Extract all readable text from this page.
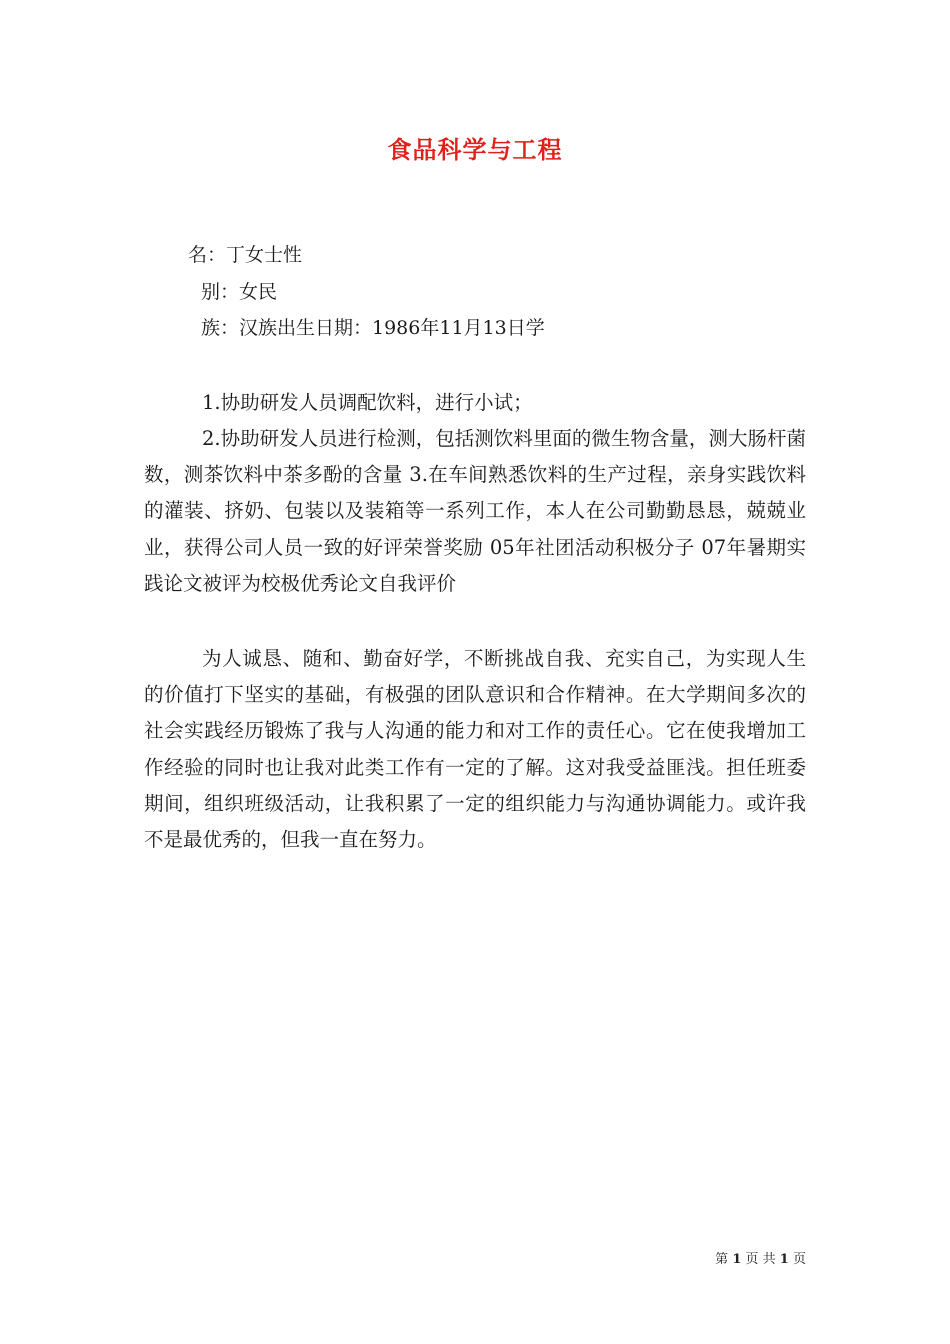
食品科学与工程
名：丁女士性
别：女民
族：汉族出生日期：1986年11月13日学

1.协助研发人员调配饮料，进行小试；

2.协助研发人员进行检测，包括测饮料里面的微生物含量，测大肠杆菌数，测茶饮料中茶多酚的含量 3.在车间熟悉饮料的生产过程，亲身实践饮料的灌装、挤奶、包装以及装箱等一系列工作，本人在公司勤勤恳恳，兢兢业业，获得公司人员一致的好评荣誉奖励 05年社团活动积极分子 07年暑期实践论文被评为校极优秀论文自我评价

为人诚恳、随和、勤奋好学，不断挑战自我、充实自己，为实现人生的价值打下坚实的基础，有极强的团队意识和合作精神。在大学期间多次的社会实践经历锻炼了我与人沟通的能力和对工作的责任心。它在使我增加工作经验的同时也让我对此类工作有一定的了解。这对我受益匪浅。担任班委期间，组织班级活动，让我积累了一定的组织能力与沟通协调能力。或许我不是最优秀的，但我一直在努力。

第 1 页 共 1 页
